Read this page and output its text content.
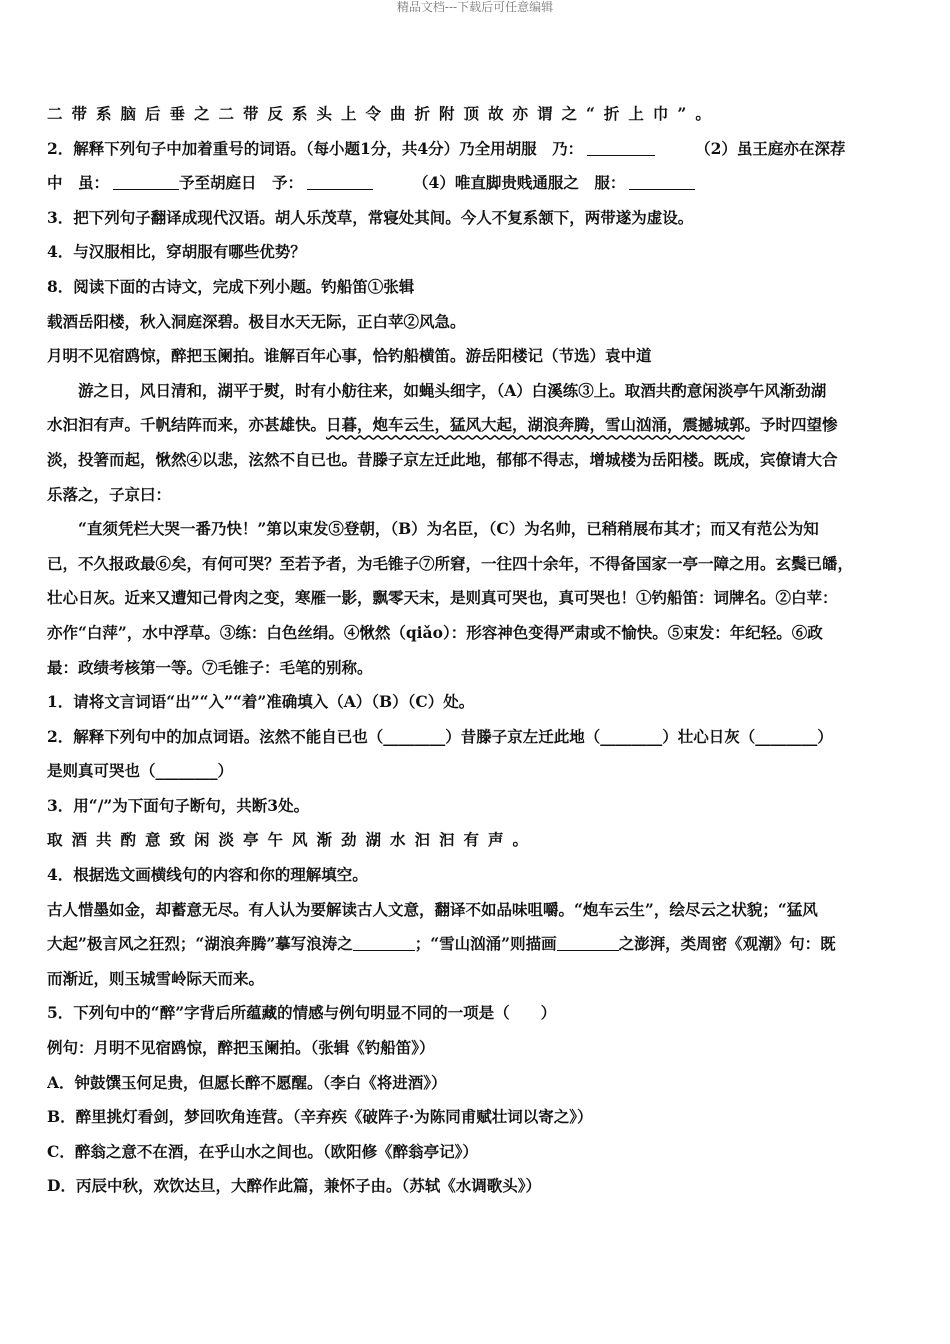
精品文档---下载后可任意编辑

二带系脑后垂之二带反系头上令曲折附顶故亦谓之“折上巾”。

2．解释下列句子中加着重号的词语。（每小题1分，共4分）乃全用胡服　乃：	（2）虽王庭亦在深荐

中　虽：	予至胡庭日　予：	（4）唯直脚贵贱通服之　服：

3．把下列句子翻译成现代汉语。胡人乐茂草，常寝处其间。今人不复系颔下，两带遂为虚设。

4．与汉服相比，穿胡服有哪些优势？

8．阅读下面的古诗文，完成下列小题。钓船笛①张辑

载酒岳阳楼，秋入洞庭深碧。极目水天无际，正白苹②风急。

月明不见宿鸥惊，醉把玉阑拍。谁解百年心事，恰钓船横笛。游岳阳楼记（节选）袁中道

游之日，风日清和，湖平于熨，时有小舫往来，如蝇头细字，（A）白溪练③上。取酒共酌意闲淡亭午风渐劲湖

水汩汩有声。千帆结阵而来，亦甚雄快。日暮，炮车云生，猛风大起，湖浪奔腾，雪山汹涌，震撼城郭。予时四望惨

淡，投箸而起，愀然④以悲，泫然不自已也。昔滕子京左迁此地，郁郁不得志，增城楼为岳阳楼。既成，宾僚请大合

乐落之，子京曰：

“直须凭栏大哭一番乃快！”第以束发⑤登朝，（B）为名臣，（C）为名帅，已稍稍展布其才；而又有范公为知

已，不久报政最⑥矣，有何可哭？至若予者，为毛锥子⑦所窘，一往四十余年，不得备国家一亭一障之用。玄鬓已皤，

壮心日灰。近来又遭知己骨肉之变，寒雁一影，飘零天末，是则真可哭也，真可哭也！①钓船笛：词牌名。②白苹：

亦作“白萍”，水中浮草。③练：白色丝绢。④愀然（qiǎo）：形容神色变得严肃或不愉快。⑤束发：年纪轻。⑥政

最：政绩考核第一等。⑦毛锥子：毛笔的别称。

1．请将文言词语“出”“入”“着”准确填入（A）（B）（C）处。

2．解释下列句中的加点词语。泫然不能自已也（________）昔滕子京左迁此地（________）壮心日灰（________）

是则真可哭也（________）

3．用“/”为下面句子断句，共断3处。

取酒共酌意致闲淡亭午风渐劲湖水汩汩有声。

4．根据选文画横线句的内容和你的理解填空。

古人惜墨如金，却蓄意无尽。有人认为要解读古人文意，翻译不如品味咀嚼。“炮车云生”，绘尽云之状貌；“猛风

大起”极言风之狂烈；“湖浪奔腾”摹写浪涛之	；“雪山汹涌”则描画	之澎湃，类周密《观潮》句：既

而渐近，则玉城雪岭际天而来。

5．下列句中的“醉”字背后所蕴藏的情感与例句明显不同的一项是（　　）

例句：月明不见宿鸥惊，醉把玉阑拍。（张辑《钓船笛》）

A．钟鼓馔玉何足贵，但愿长醉不愿醒。（李白《将进酒》）

B．醉里挑灯看剑，梦回吹角连营。（辛弃疾《破阵子·为陈同甫赋壮词以寄之》）

C．醉翁之意不在酒，在乎山水之间也。（欧阳修《醉翁亭记》）

D．丙辰中秋，欢饮达旦，大醉作此篇，兼怀子由。（苏轼《水调歌头》）
